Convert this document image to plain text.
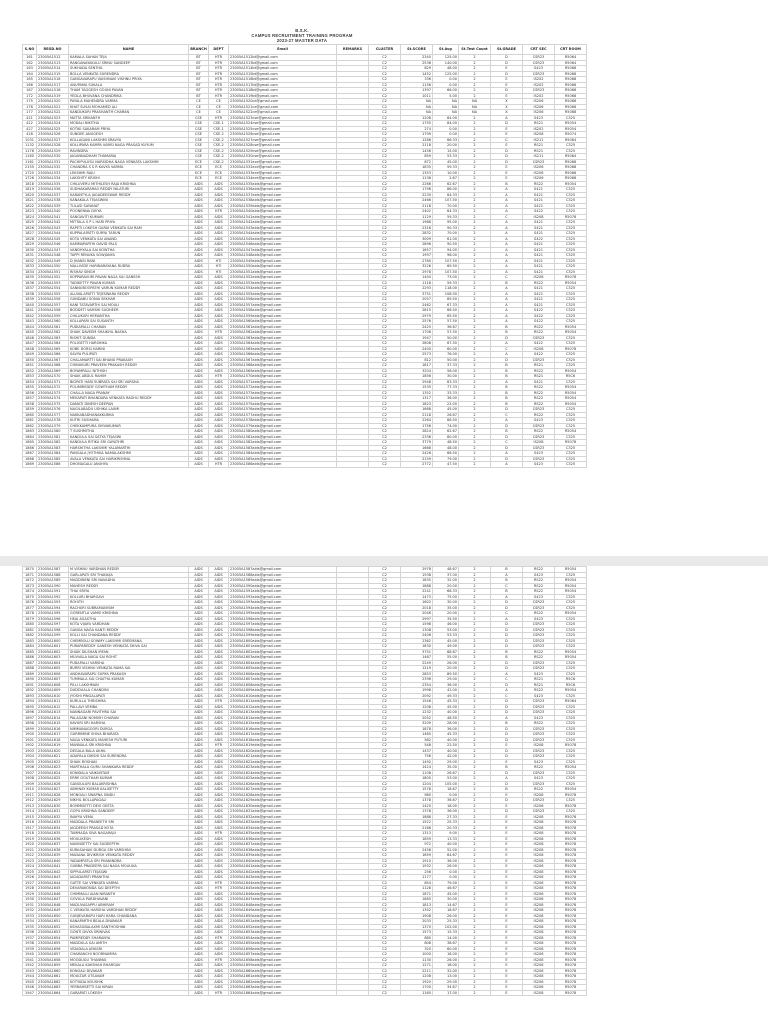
B.S.K.
CAMPUS RECRUITMENT TRAINING PROGRAM
2023-27 MASTER DATA
S.NO	REGD.NO	NAME	BRANCH	DEPT	Email	REMARKS	CLUSTER	St.SCORE	St.Avg	St.Test Count	St.GRADE	CRT SEC	CRT ROOM
161	23005A1512	KAMALA SAHAN TEJA	BT	HTR	23005A1512bt@gmail.com		C2	2340	125.00	2	D	CSR23	R5064
162	23005A1513	RANGANAYAKULU SRINU SANDEEP	BT	HTR	23005A1513bt@gmail.com		C2	2536	140.00	2	D	CSR23	R5064
163	23005A1514	SUKHADA SENTHIL	BT	HTR	23005A1514bt@gmail.com		C2	829	48.00	2	E	S423	R5068
164	23005A1515	BOLLA VENKATA SURENDRA	BT	HTR	23005A1515bt@gmail.com		C2	1452	125.00	2	D	CSR23	R5068
165	23005A1516	GANGAVARAPU VAISHNAVI VISHNU PRIYA	BT	HTR	23005A1516bt@gmail.com		C2	336	0.00	2	E	IS202	R5068
166	23005A1517	ANUPAMA SUKALA	BT	HTR	23005A1517bt@gmail.com		C2	1156	0.00	2	E	IS202	R5068
167	23005A1518	THAM TAGGESH GOUNI PAVAN	BT	HTR	23005A1518bt@gmail.com		C2	1397	66.00	2	D	CSR23	R5068
172	23005A1519	YEDLA BHUVANA CHANDRIKA	BT	HTR	23005A1519bt@gmail.com		C2	1011	5.00	2	E	IS202	R5068
175	23005A1520	PAYALA MAHENDRA VARMA	CE	CE	23005A1520ce@gmail.com		C2	NA	NA	NA	X	IS206	R5068
176	23005A1521	KHAT SUSAI MOHAMED ALI	CE	CE	23005A1521ce@gmail.com		C2	NA	NA	NA	X	IS206	R5068
177	23005A1522	KANDUKURI PRASHANTH CHARAN	CE	CE	23005A1522ce@gmail.com		C2	NA	NA	NA	X	IS206	R5068
421	23005A1523	MATTA SRIKANTH	CSE	HTR	23005A1523cse@gmail.com		C2	1208	84.00	2	A	S423	C325
422	23005A1524	MODALI NIKITHA	CSE	CSE-1	23005A1524cse@gmail.com		C2	1755	84.00	2	D	RS21	R5054
427	23005A1525	KOTIKI SAKARAM PRIYA	CSE	CSE-1	23005A1525cse@gmail.com		C2	274	0.00	2	E	IS202	R5054
428	23005A1526	SUNDEE ANUGESH	CSE	CSE-2	23005A1526cse@gmail.com		C2	1799	0.00	2	E	IS208	R5074
1031	23005A1527	KOLLAGANI LAKSHMI SRAVYA	CSE	CSE-2	23005A1527cse@gmail.com		C2	1286	66.33	2	C	IS211	R5064
1132	23005A1528	KOLLIPARA KAMPA VAMSI NAGA PRASAD KUYUM	CSE	CSE-2	23005A1528cse@gmail.com		C2	2118	20.00	2	E	RS21	C325
1176	23005A1529	RAVINDRA	CSE	CSE-2	23005A1529cse@gmail.com		C2	1456	15.00	2	D	RS21	C325
1160	23005A1530	JAGANNADHAM THAMARAJ	CSE	CSE-2	23005A1530cse@gmail.com		C2	859	53.33	2	D	IS211	R5064
1161	23005A1531	PACHIPULUSU NARSIDHA NAGA VENKATA LAKSHMI	ECE	CSE-2	23005A1531ece@gmail.com		C2	872	45.00	2	D	CSR23	R5068
2155	23005A1532	CHANDRA S S R KAVYA VARMA	ECE	ECE	23005A1532ece@gmail.com		C2	1835	59.33	2	E	IS206	R5068
1725	23005A1533	LEKSHMI RAJU	ECE	ECE	23005A1533ece@gmail.com		C2	1353	10.00	2	E	IS206	R5068
1726	23005A1534	LAKSHITY KRISHI	ECE	ECE	23005A1534ece@gmail.com		C2	1136	2.67	2	E	IS206	R5068
1818	23005A1535	CHILUVERU MITHILESH RAJA KRISHNA	AIDS	AIDS	23005A1535aids@gmail.com		C2	2266	62.67	2	B	RS22	R5054
1819	23005A1536	SUDHAKARARAO REDDY NILATURI	AIDS	AIDS	23005A1536aids@gmail.com		C2	1798	86.00	2	A	S421	C325
1820	23005A1537	KARANTYLA JAGADEESWAR REDDY	AIDS	AIDS	23005A1537aids@gmail.com		C2	2230	64.33	2	A	S421	C325
1821	23005A1538	KANAKALA TEJASWINI	AIDS	AIDS	23005A1538aids@gmail.com		C2	2466	107.50	2	A	S421	C325
1822	23005A1539	TULASI SAYANAT	AIDS	AIDS	23005A1539aids@gmail.com		C2	2118	70.00	2	A	S421	C325
1823	23005A1540	POONENNA DIVYA	AIDS	HTR	23005A1540aids@gmail.com		C2	2402	64.33	2	A	S422	C325
1824	23005A1541	SANGAVITI KUMARI	AIDS	AIDS	23005A1541aids@gmail.com		C2	1129	59.33	2	C	IS208	R5078
1825	23005A1542	MITTALA S P L HARI PRIYA	AIDS	AIDS	23005A1542aids@gmail.com		C2	1988	95.00	2	A	S421	C325
1826	23005A1543	RAPETI LOKESH GARAI VENKATA SAI RAM	AIDS	AIDS	23005A1543aids@gmail.com		C2	2316	90.33	2	A	S421	C325
1827	23005A1544	KUPPALAPATTI SURYA TARUN	AIDS	AIDS	23005A1544aids@gmail.com		C2	2832	70.00	2	A	S421	C325
1828	23005A1545	KOTA VENKATA SAI ANAND	AIDS	AIDS	23005A1545aids@gmail.com		C2	3009	61.00	2	A	S422	C325
1829	23005A1546	KAMMAPARTHI DAVID PALS	AIDS	AIDS	23005A1546aids@gmail.com		C2	2896	90.50	2	A	S421	C325
1830	23005A1547	VANDHYALA SAI KOWTHA	AIDS	AIDS	23005A1547aids@gmail.com		C2	1657	94.00	2	A	S421	C325
1831	23005A1548	TAPPI RENUKA SOWJANYA	AIDS	AIDS	23005A1548aids@gmail.com		C2	1997	98.00	2	A	S421	C325
1832	23005A1549	D JHANSI RANI	AIDS	HTI	23005A1549aids@gmail.com		C2	2780	107.50	2	A	S421	C325
1833	23005A1550	NALLIVIDE HARINARAYANA RUDRA	AIDS	HTI	23005A1550aids@gmail.com		C2	3226	69.50	2	A	S421	C325
1834	23005A1551	RISHAV SINGH	AIDS	HTI	23005A1551aids@gmail.com		C2	2978	107.50	2	A	S421	C325
1835	23005A1552	KOPPARAVURI PAVAN NAGA SAI GANESH	AIDS	AIDS	23005A1552aids@gmail.com		C2	1494	73.00	2	C	IS208	R5078
1836	23005A1553	TADIKETTY PAVAN KUMAR	AIDS	AIDS	23005A1553aids@gmail.com		C2	1118	59.33	2	B	RS22	R5054
1837	23005A1554	SANNUBOOPATHI VARUN KUMAR REDDY	AIDS	AIDS	23005A1554aids@gmail.com		C2	2293	118.00	2	A	S421	C325
1838	23005A1555	ALUVALAPATTI TEJESWARA REDDY	AIDS	AIDS	23005A1555aids@gmail.com		C2	3751	108.50	2	A	S421	C325
1839	23005A1556	GUNDABU SONIA SEKHAR	AIDS	AIDS	23005A1556aids@gmail.com		C2	2057	89.50	2	A	S421	C325
1840	23005A1557	KANI TATAVARTHI SAI MOULI	AIDS	AIDS	23005A1557aids@gmail.com		C2	2462	67.33	2	A	S421	C325
1841	23005A1558	BODDETI VAMSHI SUDHEER	AIDS	AIDS	23005A1558aids@gmail.com		C2	2815	66.50	2	A	S422	C325
1842	23005A1559	CHILUKURI HEMANTHA	AIDS	AIDS	23005A1559aids@gmail.com		C2	2979	65.50	2	A	S422	C325
1843	23005A1560	KOLLAPARI SAI SUSANTH	AIDS	AIDS	23005A1560aids@gmail.com		C2	2576	57.50	2	A	S422	C325
1844	23005A1561	PUDIAPALLI CHARAN	AIDS	AIDS	23005A1561aids@gmail.com		C2	2425	36.67	2	B	RS22	R5054
1845	23005A1562	SHAIK DAVEEM SHAIKHIL BASHA	AIDS	HTR	23005A1562aids@gmail.com		C2	1706	57.50	2	B	RS22	R5054
1846	23005A1563	RISHIT GUNDA	AIDS	AIDS	23005A1563aids@gmail.com		C2	1947	50.00	2	D	CSR23	C325
1847	23005A1564	POLIGETTI HARSHIKA	AIDS	AIDS	23005A1564aids@gmail.com		C2	2808	67.50	2	A	S422	C325
1848	23005A1565	KOBE DORSI HARINI	AIDS	AIDS	23005A1565aids@gmail.com		C2	2400	60.00	2	C	IS208	R5078
1849	23005A1566	SAVYA PULIPATI	AIDS	AIDS	23005A1566aids@gmail.com		C2	2573	76.00	2	A	S422	C325
1850	23005A1567	CHALAMARTTI SAI BHANU PRAKASH	AIDS	AIDS	23005A1567aids@gmail.com		C2	812	50.00	2	D	CSR23	C325
1851	23005A1568	CHINUKURI PRAVEEN PRAKASH REDDY	AIDS	AIDS	23005A1568aids@gmail.com		C2	1817	37.33	2	B	RS21	C325
1852	23005A1569	BOYAMPALLI NITHISH	AIDS	AIDS	23005A1569aids@gmail.com		C2	3204	56.00	2	B	RS22	R5054
1853	23005A1570	SHAIK ABDUL RAHIM	AIDS	HTR	23005A1570aids@gmail.com		C2	1856	30.00	2	B	RS21	R5C6
1854	23005A1571	BIGPATI HARI SUBRATA SAI SRI VARSHA	AIDS	AIDS	23005A1571aids@gmail.com		C2	2948	83.33	2	A	S421	C325
1855	23005A1572	POLIMIREDDY GOWTHAM REDDY	AIDS	AIDS	23005A1572aids@gmail.com		C2	1535	77.33	2	B	RS22	R5054
1856	23005A1573	CHALLA NAGA PRANAY	AIDS	AIDS	23005A1573aids@gmail.com		C2	1352	33.33	2	B	RS22	R5054
1857	23005A1574	MEKAPATI BHANDARA VENKATA RAGHU REDDY	AIDS	AIDS	23005A1574aids@gmail.com		C2	1317	36.00	2	B	RS22	R5054
1858	23005A1575	DAMATI DINESH DEEPAN	AIDS	AIDS	23005A1575aids@gmail.com		C2	1823	22.00	2	B	RS22	R5054
1859	23005A1576	NAGILABADU USHIKA LAXMI	AIDS	AIDS	23005A1576aids@gmail.com		C2	1668	45.00	2	D	CSR23	C325
1860	23005A1577	NAKKABADHANAKKUBHA	AIDS	AIDS	23005A1577aids@gmail.com		C2	2118	26.67	2	C	RS22	C325
1861	23005A1578	KUTRI SUSHAMA	AIDS	AIDS	23005A1578aids@gmail.com		C2	2264	86.50	2	A	S423	C325
1862	23005A1579	CHEKKAMPURA SHIVAKUMAR	AIDS	AIDS	23005A1579aids@gmail.com		C2	1756	74.00	2	D	CSR23	C325
1863	23005A1580	T SUSHMITHA	AIDS	AIDS	23005A1580aids@gmail.com		C2	2824	62.67	2	B	RS22	R5054
1864	23005A1581	KANDULA SAI SATYA TEJASWI	AIDS	AIDS	23005A1581aids@gmail.com		C2	2336	80.00	2	D	CSR23	C325
1865	23005A1582	KANDULA RITIKA SRI GAYATHRI	AIDS	AIDS	23005A1582aids@gmail.com		C2	3779	48.50	2	C	IS208	R5078
1866	23005A1583	HARSHITHA LAKSHMI YALAMARTHI	AIDS	AIDS	23005A1583aids@gmail.com		C2	1668	48.00	2	D	CSR23	C325
1867	23005A1584	PANGALA JYOTHIKA NAMALAKSHMI	AIDS	AIDS	23005A1584aids@gmail.com		C2	2426	66.50	2	A	S423	C325
1868	23005A1585	AVALA VENKATA SAI HARIKRISHNA	AIDS	AIDS	23005A1585aids@gmail.com		C2	2159	79.00	2	D	CSR23	C325
1869	23005A1586	DHONAGALU ANUHYA	AIDS	HTR	23005A1586aids@gmail.com		C2	2772	47.50	2	A	S423	C325
1870	23005A1587	M VISHNU VARDHAN REDDY	AIDS	AIDS	23005A1587aids@gmail.com		C2	2978	48.67	2	B	RS22	R5054
1871	23005A1588	GARLAPATI SRI THANUJA	AIDS	AIDS	23005A1588aids@gmail.com		C2	1938	37.00	2	A	S423	C325
1872	23005A1589	MADDINENI SRI NAVADHA	AIDS	AIDS	23005A1589aids@gmail.com		C2	1835	32.00	2	B	RS22	R5054
1873	23005A1590	MAHESH REDDY	AIDS	AIDS	23005A1590aids@gmail.com		C2	1888	20.00	2	C	RS22	R5054
1874	23005A1591	THAI SRIYA	AIDS	AIDS	23005A1591aids@gmail.com		C2	2241	68.33	2	B	RS22	R5054
1875	23005A1592	KOLLURI BHARGAVI	AIDS	AIDS	23005A1592aids@gmail.com		C2	1473	75.00	2	A	S423	C325
1876	23005A1593	ROHITH	AIDS	AIDS	23005A1593aids@gmail.com		C2	1602	30.00	2	D	CSR23	C325
1877	23005A1594	RACHURI SUBRAMANYAM	AIDS	AIDS	23005A1594aids@gmail.com		C2	2018	35.00	2	D	CSR23	C325
1878	23005A1595	GORENTLA VAMSI KRISHNA	AIDS	AIDS	23005A1595aids@gmail.com		C2	2046	20.00	2	C	RS22	R5054
1879	23005A1596	HEJA AGASTHA	AIDS	AIDS	23005A1596aids@gmail.com		C2	2997	35.50	2	A	S423	C325
1880	23005A1597	KOTA VIJAYA VARDHAN	AIDS	AIDS	23005A1597aids@gmail.com		C2	1598	46.00	2	D	CSR23	C325
1881	23005A1598	GANGA NAGA KANTI REDDY	AIDS	AIDS	23005A1598aids@gmail.com		C2	1308	53.00	2	D	CSR23	C325
1882	23005A1599	KOLLI SAI CHANDANA REDDY	AIDS	AIDS	23005A1599aids@gmail.com		C2	2406	53.33	2	D	CSR23	C325
1883	23005A1600	CHEMBOLU SOWMY LAKSHMI SREEMANA	AIDS	AIDS	23005A1600aids@gmail.com		C2	2362	45.00	2	D	CSR23	C325
1884	23005A1601	PURAPAREDDY GANESH VENKATA SHIVA SAI	AIDS	AIDS	23005A1601aids@gmail.com		C2	1830	49.00	2	D	CSR23	C325
1885	23005A1602	SHAIK DILSHAN IRFAN	AIDS	AIDS	23005A1602aids@gmail.com		C2	3751	88.67	2	B	RS22	R5054
1886	23005A1603	MUVVALA NAGA SAI ROHIT	AIDS	AIDS	23005A1603aids@gmail.com		C2	1467	55.00	2	B	RS22	R5054
1887	23005A1604	PUDAPALLI VARSHA	AIDS	AIDS	23005A1604aids@gmail.com		C2	2249	26.00	2	D	CSR23	C325
1888	23005A1605	BURRI VISHNU VENKATA RAMA SAI	AIDS	AIDS	23005A1605aids@gmail.com		C2	1219	20.00	2	D	CSR23	C325
1889	23005A1606	ANDHAVARAPU SURYA PRAKASH	AIDS	AIDS	23005A1606aids@gmail.com		C2	2853	89.50	2	A	S423	C325
1890	23005A1607	TUMMALA SAI CHAITYA KUMAR	AIDS	AIDS	23005A1607aids@gmail.com		C2	2396	29.00	2	C	RS21	R5C6
1891	23005A1608	PILLI LAKSHMAN	AIDS	AIDS	23005A1608aids@gmail.com		C2	2354	36.00	2	D	RS21	R5C6
1892	23005A1609	DUDDUALA CHANDINI	AIDS	AIDS	23005A1609aids@gmail.com		C2	1998	42.00	2	A	RS22	R5054
1893	23005A1610	JYOSHI PINGALAPATI	AIDS	AIDS	23005A1610aids@gmail.com		C2	2092	49.33	2	C	S423	C325
1894	23005A1611	KURULLA THRISHMA	AIDS	HTR	23005A1611aids@gmail.com		C2	1546	45.33	2	D	CSR23	R5064
1895	23005A1612	PALLAVI VEMBA	AIDS	AIDS	23005A1612aids@gmail.com		C2	1208	45.00	2	D	CSR23	C325
1896	23005A1613	NANNAGARI PAVITHRA SAI	AIDS	AIDS	23005A1613aids@gmail.com		C2	1232	40.00	2	D	CSR23	C325
1897	23005A1614	PALAGANI NOMISH CHARAN	AIDS	AIDS	23005A1614aids@gmail.com		C2	2052	48.50	2	A	S423	C325
1898	23005A1615	KAVURI SRI HARSHA	AIDS	AIDS	23005A1615aids@gmail.com		C2	3209	28.00	2	B	RS22	C325
1899	23005A1616	NIMMANAGOORI DURGA	AIDS	AIDS	23005A1616aids@gmail.com		C2	1878	36.00	2	D	CSR23	C325
1900	23005A1617	GURRIMINE SHIVA BHARATA	AIDS	AIDS	23005A1617aids@gmail.com		C2	1465	45.33	2	D	CSR23	C325
1901	23005A1618	NAGA VENKATA MAHESH PUTURI	AIDS	AIDS	23005A1618aids@gmail.com		C2	582	40.00	2	D	CSR23	C325
1902	23005A1619	MANNALA SRI KRISHNA	AIDS	HTR	23005A1619aids@gmail.com		C2	548	22.50	2	E	IS208	R5078
1903	23005A1620	DEGALA BALA AKHIL	AIDS	AIDS	23005A1620aids@gmail.com		C2	1437	40.00	2	D	CSR23	C325
1904	23005A1621	ADAPALA DIKSHI SAI SURENDRA	AIDS	AIDS	23005A1621aids@gmail.com		C2	756	42.00	2	D	CSR23	C325
1905	23005A1622	SHAIK ROSHAN	AIDS	AIDS	23005A1622aids@gmail.com		C2	1492	29.00	2	E	S423	C325
1906	23005A1623	MARTHALA GURU SHANKARA REDDY	AIDS	AIDS	23005A1623aids@gmail.com		C2	1424	35.00	2	B	RS22	R5054
1907	23005A1624	KONIDALA VAIKUNTAM	AIDS	AIDS	23005A1624aids@gmail.com		C2	1108	26.67	2	D	CSR23	C325
1908	23005A1625	ERRE GOUTHAM KUMAR	AIDS	AIDS	23005A1625aids@gmail.com		C2	1805	53.00	2	A	S423	C325
1909	23005A1626	GANGULURI BALAKRISHNA	AIDS	AIDS	23005A1626aids@gmail.com		C2	1204	105.00	2	D	CSR23	C325
1910	23005A1627	ABHINAY KUMAR KALISETTY	AIDS	AIDS	23005A1627aids@gmail.com		C2	1578	18.67	2	B	RS22	R5054
1911	23005A1628	MONGALI SWAPNA SINDU	AIDS	AIDS	23005A1628aids@gmail.com		C2	980	0.00	2	E	IS208	R5078
1912	23005A1629	NIKHIL BOLLAPAGALI	AIDS	AIDS	23005A1629aids@gmail.com		C2	1378	36.67	2	D	CSR23	C325
1913	23005A1630	BOMMISETTI DEVI GEETA	AIDS	AIDS	23005A1630aids@gmail.com		C2	1420	18.00	2	E	IS208	R5078
1914	23005A1631	GOPU KRISHNA SANDEEP	AIDS	AIDS	23005A1631aids@gmail.com		C2	1378	36.00	2	D	CSR23	C325
1915	23005A1632	INAYYA VEMA	AIDS	AIDS	23005A1632aids@gmail.com		C2	1888	27.33	2	E	IS208	R5078
1916	23005A1633	MADDALA PRANEETH SRI	AIDS	AIDS	23005A1633aids@gmail.com		C2	1522	25.33	2	E	IS208	R5078
1917	23005A1634	JAGDEESH PRASAD KOTA	AIDS	AIDS	23005A1634aids@gmail.com		C2	2166	20.33	2	E	IS208	R5078
1918	23005A1635	TAMMADA SIVA NAGARAJU	AIDS	HTR	23005A1635aids@gmail.com		C2	1313	9.00	2	E	IS208	R5078
1919	23005A1636	MOULIKESH	AIDS	AIDS	23005A1636aids@gmail.com		C2	1859	13.33	2	E	IS208	R5078
1920	23005A1637	NAVINSETTY SAI SUDEEPTHI	AIDS	AIDS	23005A1637aids@gmail.com		C2	972	40.00	2	E	IS208	R5078
1921	23005A1638	KURASAHAVI DURGA SRI VARSHINI	AIDS	AIDS	23005A1638aids@gmail.com		C2	2458	52.00	2	E	IS208	R5078
1922	23005A1639	MADANA DIVIKRISH VENKATA REDDY	AIDS	AIDS	23005A1639aids@gmail.com		C2	1659	64.67	2	E	IS208	R5078
1923	23005A1640	YADAMPATLA SRI PHANINDRA	AIDS	AIDS	23005A1640aids@gmail.com		C2	1910	36.00	2	E	IS208	R5078
1924	23005A1641	GUBBA PRADEEPA SAI NAGA MOULIKA	AIDS	AIDS	23005A1641aids@gmail.com		C2	1932	26.00	2	E	IS208	R5078
1925	23005A1642	SIPPULAPATI TEJASWI	AIDS	AIDS	23005A1642aids@gmail.com		C2	256	0.00	2	E	IS208	R5078
1926	23005A1643	JAGADAPATI PRANITHA	AIDS	AIDS	23005A1643aids@gmail.com		C2	1177	0.00	2	E	IS208	R5078
1927	23005A1644	GATTE SAI VENKATA VARMA	AIDS	HTR	23005A1644aids@gmail.com		C2	854	79.00	2	E	IS208	R5078
1928	23005A1645	DEVARAKONDA SAI DEEPTHI	AIDS	HTR	23005A1645aids@gmail.com		C2	1128	46.67	2	E	IS208	R5078
1929	23005A1646	CHIMMALU AIAN NIRANTH	AIDS	AIDS	23005A1646aids@gmail.com		C2	1871	45.00	2	E	IS208	R5078
1930	23005A1647	GOVULA PARDHAVANI	AIDS	AIDS	23005A1647aids@gmail.com		C2	1865	30.00	2	E	IS208	R5078
1931	23005A1648	MADUVASAPPU ABHIRAM	AIDS	AIDS	23005A1648aids@gmail.com		C2	1813	14.67	2	E	IS208	R5078
1932	23005A1649	C VENKATA HARSHA VARDHAN REDDY	AIDS	AIDS	23005A1649aids@gmail.com		C2	1352	18.67	2	E	IS208	R5078
1933	23005A1650	GUNJEVARAPU HARI HARA CHANDANA	AIDS	AIDS	23005A1650aids@gmail.com		C2	1908	26.00	2	E	IS208	R5078
1934	23005A1651	KANAPARTHI BEALA DIWAKAR	AIDS	AIDS	23005A1651aids@gmail.com		C2	2033	25.33	2	E	IS208	R5078
1935	23005A1652	KSHASUBALAXMI SANTHOSHINI	AIDS	AIDS	23005A1652aids@gmail.com		C2	1370	102.00	2	E	IS208	R5078
1936	23005A1653	GONTI DIVYA SRINIVAS	AIDS	AIDS	23005A1653aids@gmail.com		C2	1573	15.33	2	E	IS208	R5078
1937	23005A1654	PAMIREDDY SHARANYA	AIDS	HTR	23005A1654aids@gmail.com		C2	880	14.00	2	E	IS208	R5078
1938	23005A1655	MADDULA SAI AMITH	AIDS	AIDS	23005A1655aids@gmail.com		C2	808	38.67	2	E	IS208	R5078
1939	23005A1656	VIDADALA JAYASRI	AIDS	AIDS	23005A1656aids@gmail.com		C2	320	60.00	2	E	IS208	R5078
1940	23005A1657	CHAMANCHI NOORNAMMA	AIDS	AIDS	23005A1657aids@gmail.com		C2	1000	18.00	2	E	IS208	R5078
1941	23005A1658	MOODUGU THANMAI	AIDS	HTR	23005A1658aids@gmail.com		C2	1130	26.00	2	E	IS208	R5078
1942	23005A1659	MEKALA KAKSHAH BHARGAV	AIDS	AIDS	23005A1659aids@gmail.com		C2	1271	18.00	2	E	IS208	R5078
1943	23005A1660	KONGALI DIVAKAR	AIDS	AIDS	23005A1660aids@gmail.com		C2	2211	32.00	2	E	IS208	R5078
1944	23005A1661	MOULTAR UTSAVAM	AIDS	AIDS	23005A1661aids@gmail.com		C2	1208	13.00	2	E	IS208	R5078
1945	23005A1662	KOTYADA KOUSHIK	AIDS	AIDS	23005A1662aids@gmail.com		C2	1920	29.00	2	E	IS208	R5078
1946	23005A1663	YERRAMSETTI SAI KIRAN	AIDS	AIDS	23005A1663aids@gmail.com		C2	1700	34.67	2	E	IS208	R5078
1947	23005A1664	GARAPATI LOKESH	AIDS	HTR	23005A1664aids@gmail.com		C2	1160	17.00	2	E	IS208	R5078
